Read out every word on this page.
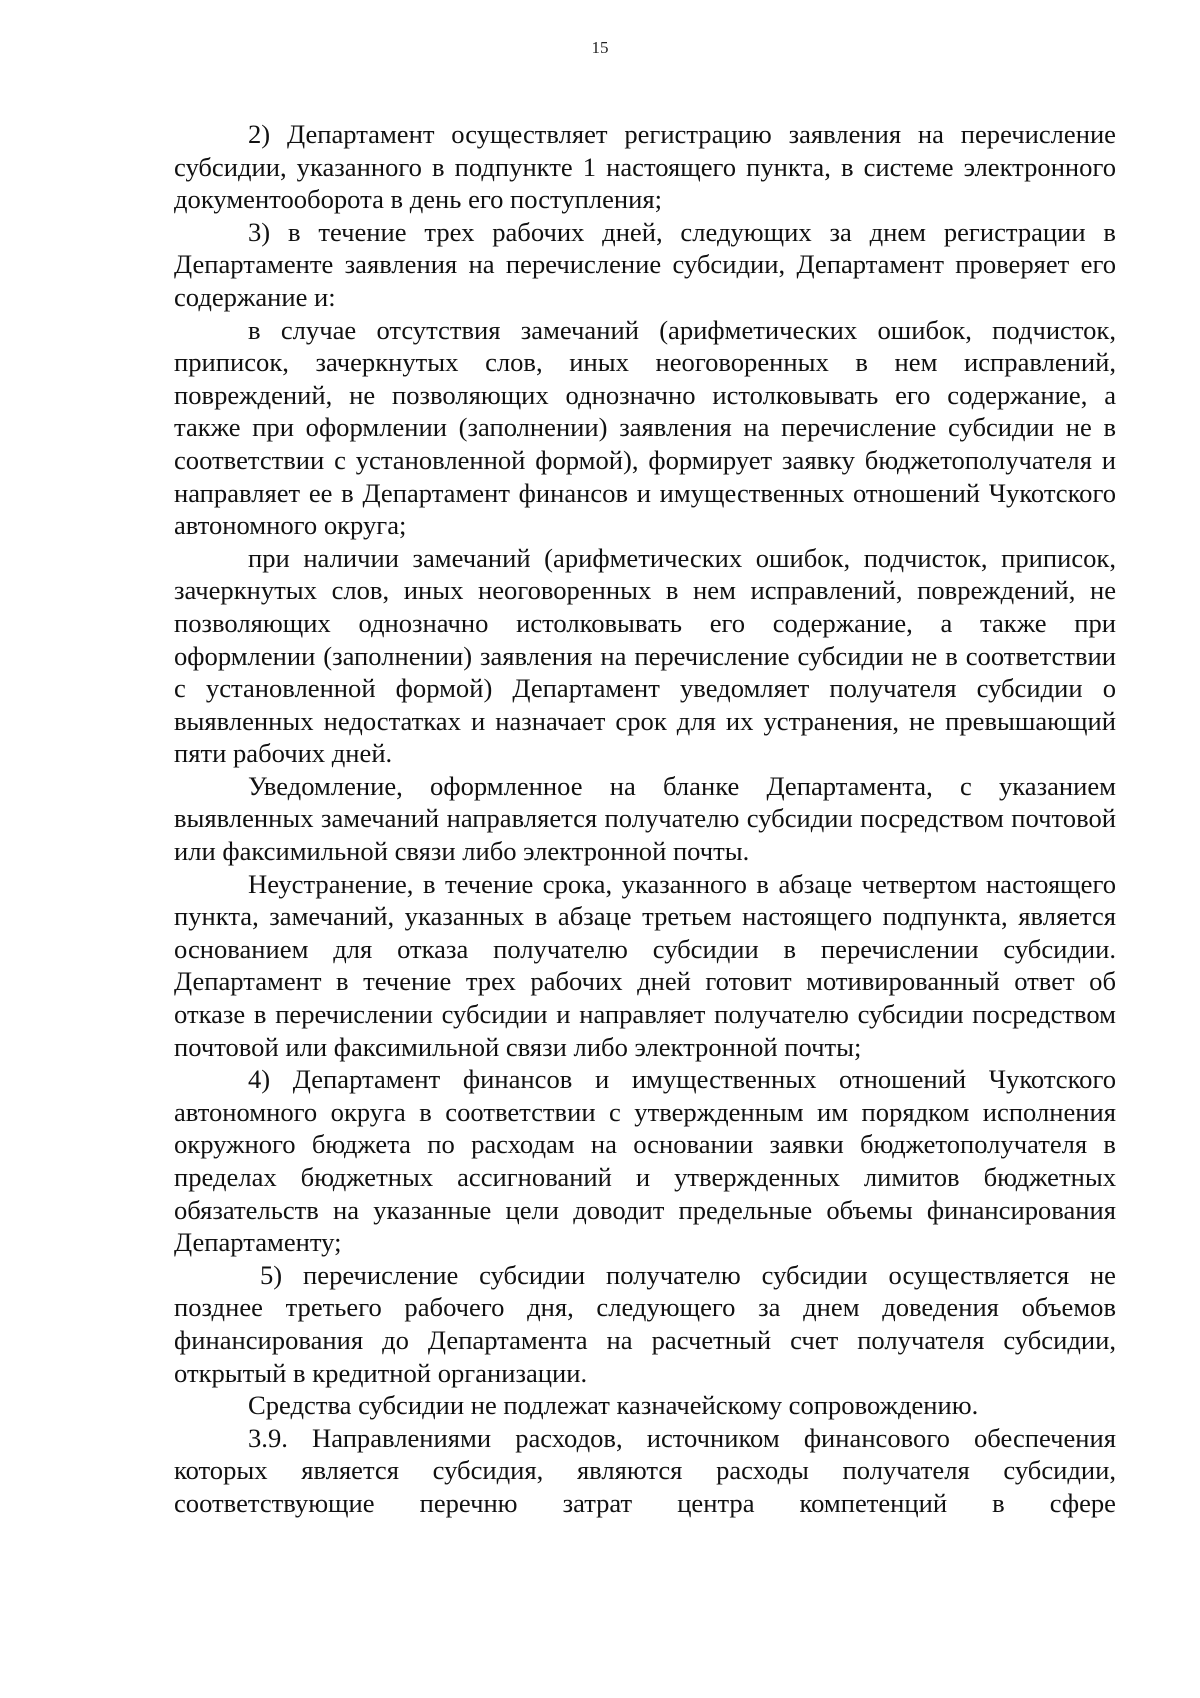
15

2) Департамент осуществляет регистрацию заявления на перечисление субсидии, указанного в подпункте 1 настоящего пункта, в системе электронного документооборота в день его поступления;

3) в течение трех рабочих дней, следующих за днем регистрации в Департаменте заявления на перечисление субсидии, Департамент проверяет его содержание и:

в случае отсутствия замечаний (арифметических ошибок, подчисток, приписок, зачеркнутых слов, иных неоговоренных в нем исправлений, повреждений, не позволяющих однозначно истолковывать его содержание, а также при оформлении (заполнении) заявления на перечисление субсидии не в соответствии с установленной формой), формирует заявку бюджетополучателя и направляет ее в Департамент финансов и имущественных отношений Чукотского автономного округа;

при наличии замечаний (арифметических ошибок, подчисток, приписок, зачеркнутых слов, иных неоговоренных в нем исправлений, повреждений, не позволяющих однозначно истолковывать его содержание, а также при оформлении (заполнении) заявления на перечисление субсидии не в соответствии с установленной формой) Департамент уведомляет получателя субсидии о выявленных недостатках и назначает срок для их устранения, не превышающий пяти рабочих дней.

Уведомление, оформленное на бланке Департамента, с указанием выявленных замечаний направляется получателю субсидии посредством почтовой или факсимильной связи либо электронной почты.

Неустранение, в течение срока, указанного в абзаце четвертом настоящего пункта, замечаний, указанных в абзаце третьем настоящего подпункта, является основанием для отказа получателю субсидии в перечислении субсидии. Департамент в течение трех рабочих дней готовит мотивированный ответ об отказе в перечислении субсидии и направляет получателю субсидии посредством почтовой или факсимильной связи либо электронной почты;

4) Департамент финансов и имущественных отношений Чукотского автономного округа в соответствии с утвержденным им порядком исполнения окружного бюджета по расходам на основании заявки бюджетополучателя в пределах бюджетных ассигнований и утвержденных лимитов бюджетных обязательств на указанные цели доводит предельные объемы финансирования Департаменту;

5) перечисление субсидии получателю субсидии осуществляется не позднее третьего рабочего дня, следующего за днем доведения объемов финансирования до Департамента на расчетный счет получателя субсидии, открытый в кредитной организации.

Средства субсидии не подлежат казначейскому сопровождению.

3.9. Направлениями расходов, источником финансового обеспечения которых является субсидия, являются расходы получателя субсидии, соответствующие перечню затрат центра компетенций в сфере
